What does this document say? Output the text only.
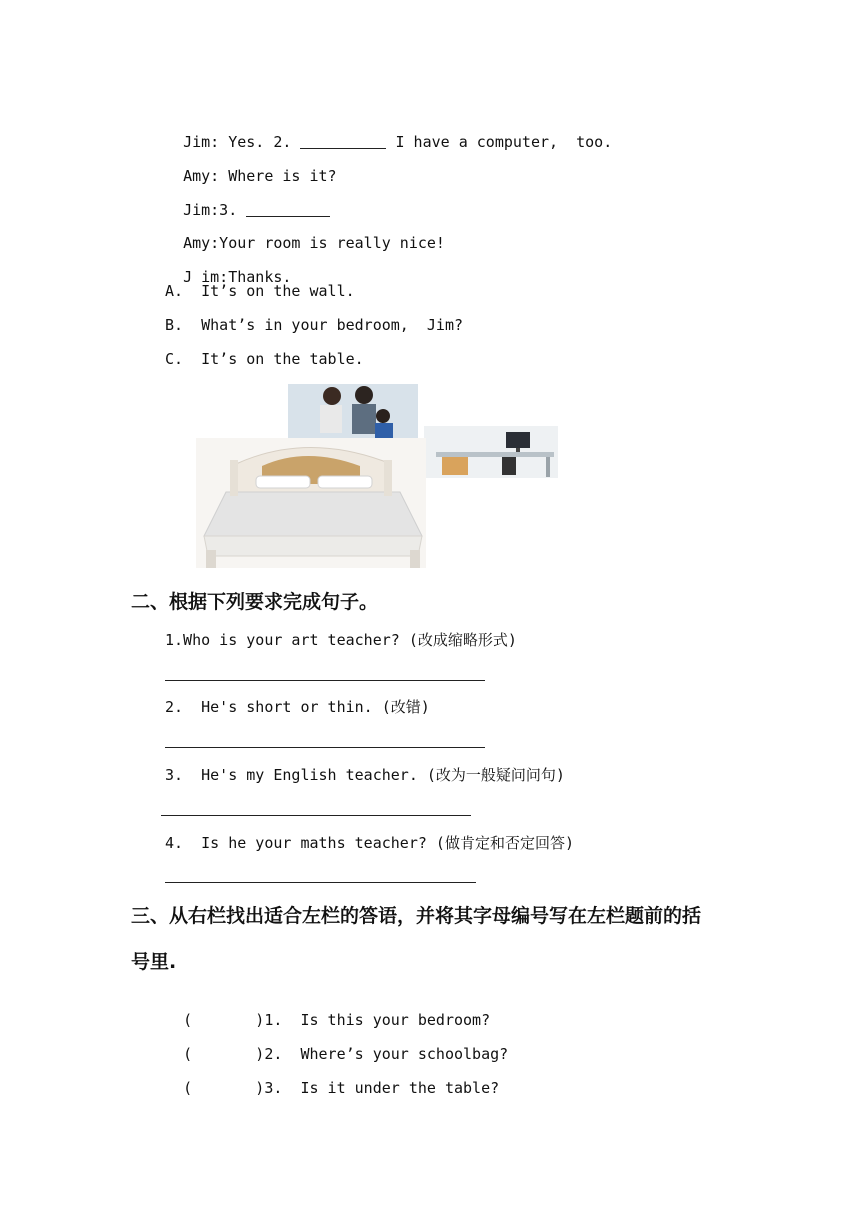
Jim: Yes. 2.	I have a computer,  too.

Amy: Where is it?

Jim:3.

Amy:Your room is really nice!

J im:Thanks.

A.  It’s on the wall.
B.  What’s in your bedroom,  Jim?
C.  It’s on the table.
二、根据下列要求完成句子。
1.Who is your art teacher? (改成缩略形式)
2.  He's short or thin. (改错)
3.  He's my English teacher. (改为一般疑问问句)
4.  Is he your maths teacher? (做肯定和否定回答)
三、从右栏找出适合左栏的答语，并将其字母编号写在左栏题前的括
号里.

(       )1.  Is this your bedroom?

(       )2.  Where’s your schoolbag?

(       )3.  Is it under the table?
